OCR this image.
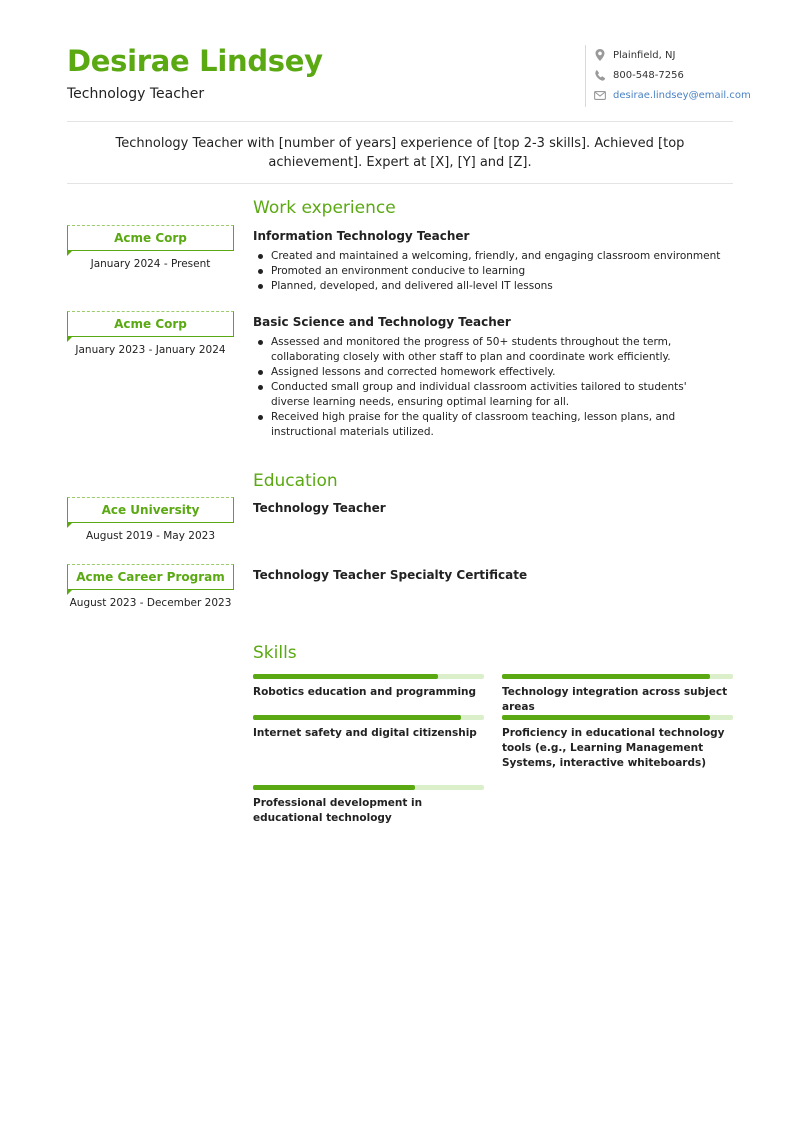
Desirae Lindsey
Technology Teacher
Plainfield, NJ
800-548-7256
desirae.lindsey@email.com
Technology Teacher with [number of years] experience of [top 2-3 skills]. Achieved [top achievement]. Expert at [X], [Y] and [Z].
Work experience
Acme Corp
January 2024 - Present
Information Technology Teacher
Created and maintained a welcoming, friendly, and engaging classroom environment
Promoted an environment conducive to learning
Planned, developed, and delivered all-level IT lessons
Acme Corp
January 2023 - January 2024
Basic Science and Technology Teacher
Assessed and monitored the progress of 50+ students throughout the term, collaborating closely with other staff to plan and coordinate work efficiently.
Assigned lessons and corrected homework effectively.
Conducted small group and individual classroom activities tailored to students' diverse learning needs, ensuring optimal learning for all.
Received high praise for the quality of classroom teaching, lesson plans, and instructional materials utilized.
Education
Ace University
August 2019 - May 2023
Technology Teacher
Acme Career Program
August 2023 - December 2023
Technology Teacher Specialty Certificate
Skills
Robotics education and programming	Technology integration across subject areas
Internet safety and digital citizenship	Proficiency in educational technology tools (e.g., Learning Management Systems, interactive whiteboards)
Professional development in educational technology
